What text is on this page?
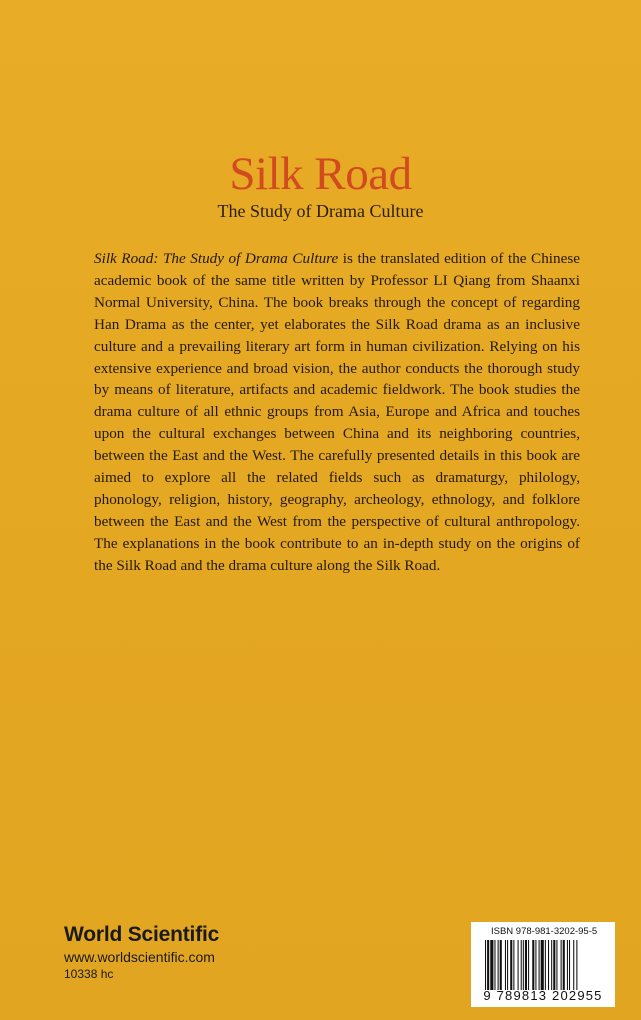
Silk Road
The Study of Drama Culture

Silk Road: The Study of Drama Culture is the translated edition of the Chinese academic book of the same title written by Professor LI Qiang from Shaanxi Normal University, China. The book breaks through the concept of regarding Han Drama as the center, yet elaborates the Silk Road drama as an inclusive culture and a prevailing literary art form in human civilization. Relying on his extensive experience and broad vision, the author conducts the thorough study by means of literature, artifacts and academic fieldwork. The book studies the drama culture of all ethnic groups from Asia, Europe and Africa and touches upon the cultural exchanges between China and its neighboring countries, between the East and the West. The carefully presented details in this book are aimed to explore all the related fields such as dramaturgy, philology, phonology, religion, history, geography, archeology, ethnology, and folklore between the East and the West from the perspective of cultural anthropology. The explanations in the book contribute to an in-depth study on the origins of the Silk Road and the drama culture along the Silk Road.

World Scientific
www.worldscientific.com
10338 hc
ISBN 978-981-3202-95-5
9 789813 202955
